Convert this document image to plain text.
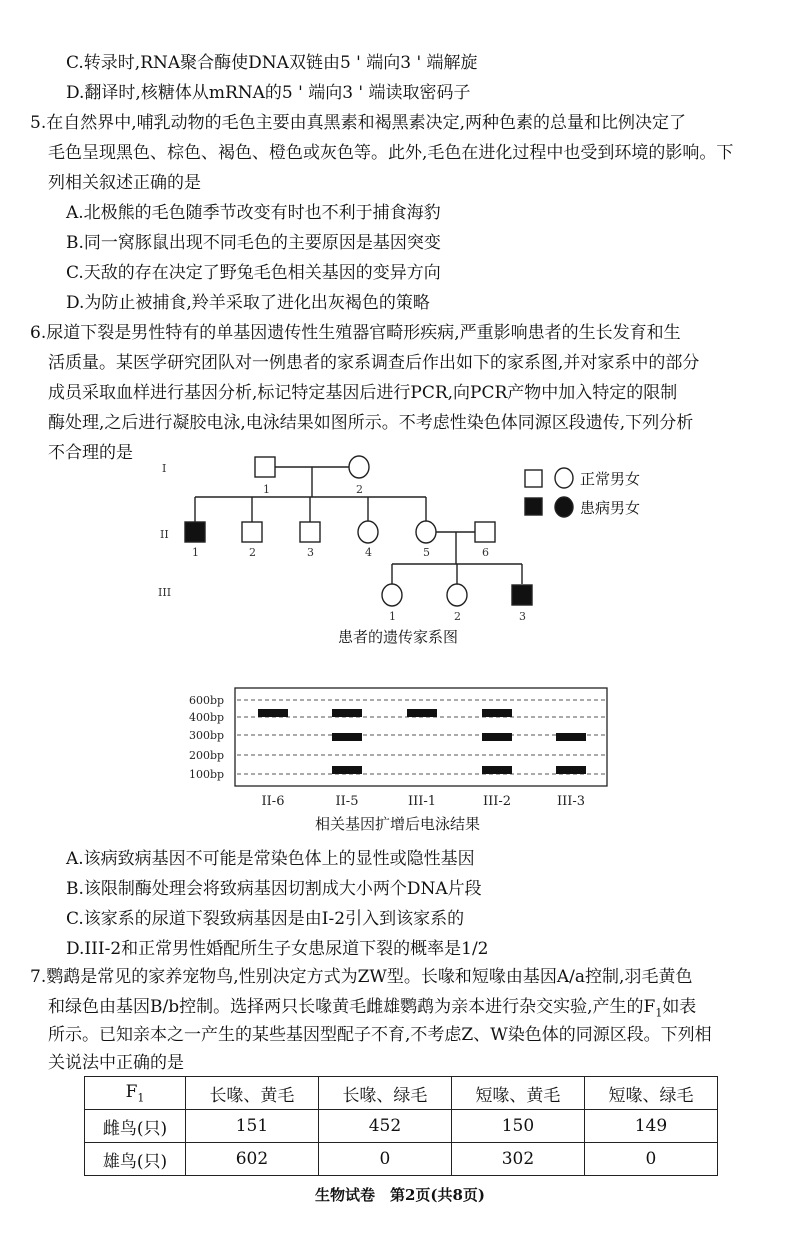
C.转录时,RNA聚合酶使DNA双链由5 ' 端向3 ' 端解旋
D.翻译时,核糖体从mRNA的5 ' 端向3 ' 端读取密码子
5.在自然界中,哺乳动物的毛色主要由真黑素和褐黑素决定,两种色素的总量和比例决定了
毛色呈现黑色、棕色、褐色、橙色或灰色等。此外,毛色在进化过程中也受到环境的影响。下
列相关叙述正确的是
A.北极熊的毛色随季节改变有时也不利于捕食海豹
B.同一窝豚鼠出现不同毛色的主要原因是基因突变
C.天敌的存在决定了野兔毛色相关基因的变异方向
D.为防止被捕食,羚羊采取了进化出灰褐色的策略
6.尿道下裂是男性特有的单基因遗传性生殖器官畸形疾病,严重影响患者的生长发育和生
活质量。某医学研究团队对一例患者的家系调查后作出如下的家系图,并对家系中的部分
成员采取血样进行基因分析,标记特定基因后进行PCR,向PCR产物中加入特定的限制
酶处理,之后进行凝胶电泳,电泳结果如图所示。不考虑性染色体同源区段遗传,下列分析
不合理的是
I
II
III
1	2
1	2	3	4	5	6
1	2	3
正常男女
患病男女
患者的遗传家系图
600bp
400bp
300bp
200bp
100bp
II-6	II-5	III-1	III-2	III-3
相关基因扩增后电泳结果
A.该病致病基因不可能是常染色体上的显性或隐性基因
B.该限制酶处理会将致病基因切割成大小两个DNA片段
C.该家系的尿道下裂致病基因是由I-2引入到该家系的
D.III-2和正常男性婚配所生子女患尿道下裂的概率是1/2
7.鹦鹉是常见的家养宠物鸟,性别决定方式为ZW型。长喙和短喙由基因A/a控制,羽毛黄色
和绿色由基因B/b控制。选择两只长喙黄毛雌雄鹦鹉为亲本进行杂交实验,产生的$F_1$如表
所示。已知亲本之一产生的某些基因型配子不育,不考虑Z、W染色体的同源区段。下列相
关说法中正确的是
$F_1$	长喙、黄毛	长喙、绿毛	短喙、黄毛	短喙、绿毛
雌鸟(只)	151	452	150	149
雄鸟(只)	602	0	302	0
生物试卷　第2页(共8页)
